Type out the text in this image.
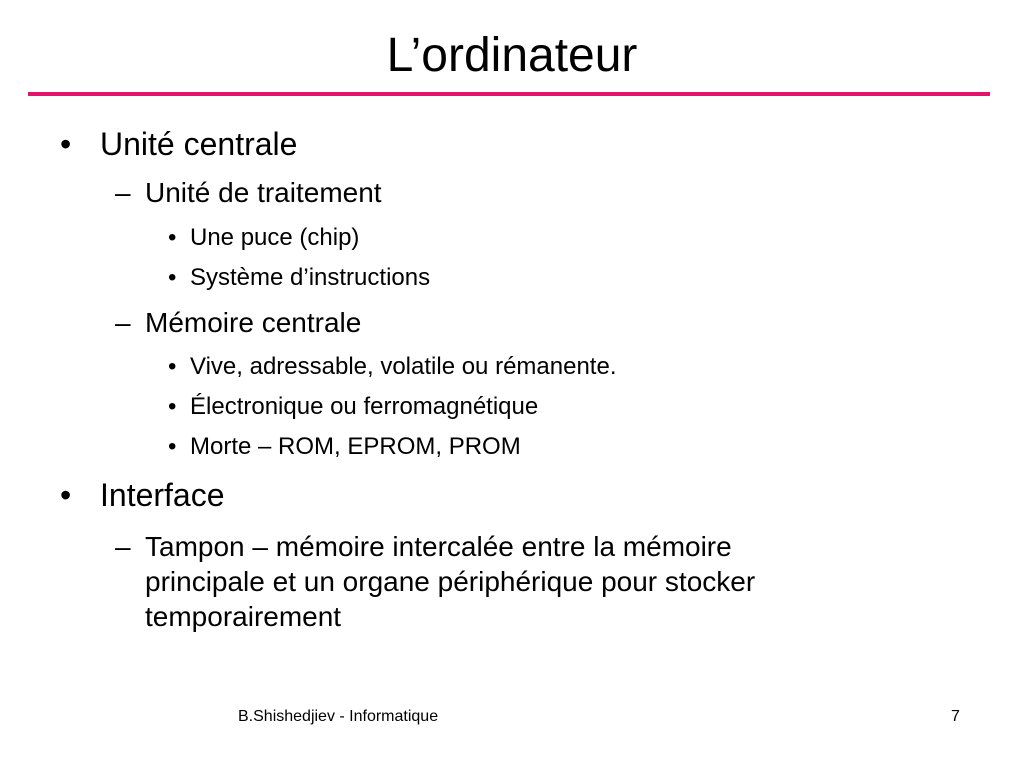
L’ordinateur
• Unité centrale
– Unité de traitement
• Une puce (chip)
• Système d’instructions
– Mémoire centrale
• Vive, adressable, volatile ou rémanente.
• Électronique ou ferromagnétique
• Morte – ROM, EPROM, PROM
• Interface
– Tampon – mémoire intercalée entre la mémoire
principale et un organe périphérique pour stocker
temporairement
B.Shishedjiev - Informatique	7
